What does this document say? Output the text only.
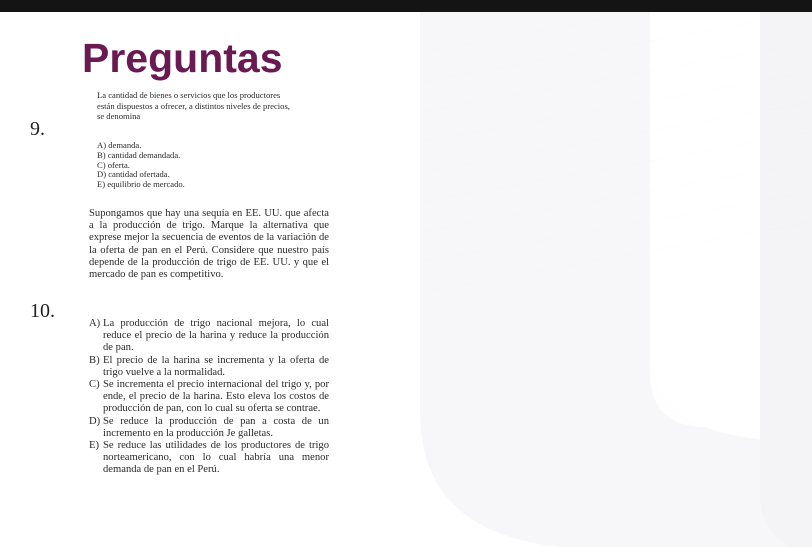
Preguntas
9.
La cantidad de bienes o servicios que los productores están dispuestos a ofrecer, a distintos niveles de precios, se denomina
A) demanda.
B) cantidad demandada.
C) oferta.
D) cantidad ofertada.
E) equilibrio de mercado.
10.
Supongamos que hay una sequía en EE. UU. que afecta a la producción de trigo. Marque la alternativa que exprese mejor la secuencia de eventos de la variación de la oferta de pan en el Perú. Considere que nuestro país depende de la producción de trigo de EE. UU. y que el mercado de pan es competitivo.
A) La producción de trigo nacional mejora, lo cual reduce el precio de la harina y reduce la producción de pan.
B) El precio de la harina se incrementa y la oferta de trigo vuelve a la normalidad.
C) Se incrementa el precio internacional del trigo y, por ende, el precio de la harina. Esto eleva los costos de producción de pan, con lo cual su oferta se contrae.
D) Se reduce la producción de pan a costa de un incremento en la producción Je galletas.
E) Se reduce las utilidades de los productores de trigo norteamericano, con lo cual habría una menor demanda de pan en el Perú.
